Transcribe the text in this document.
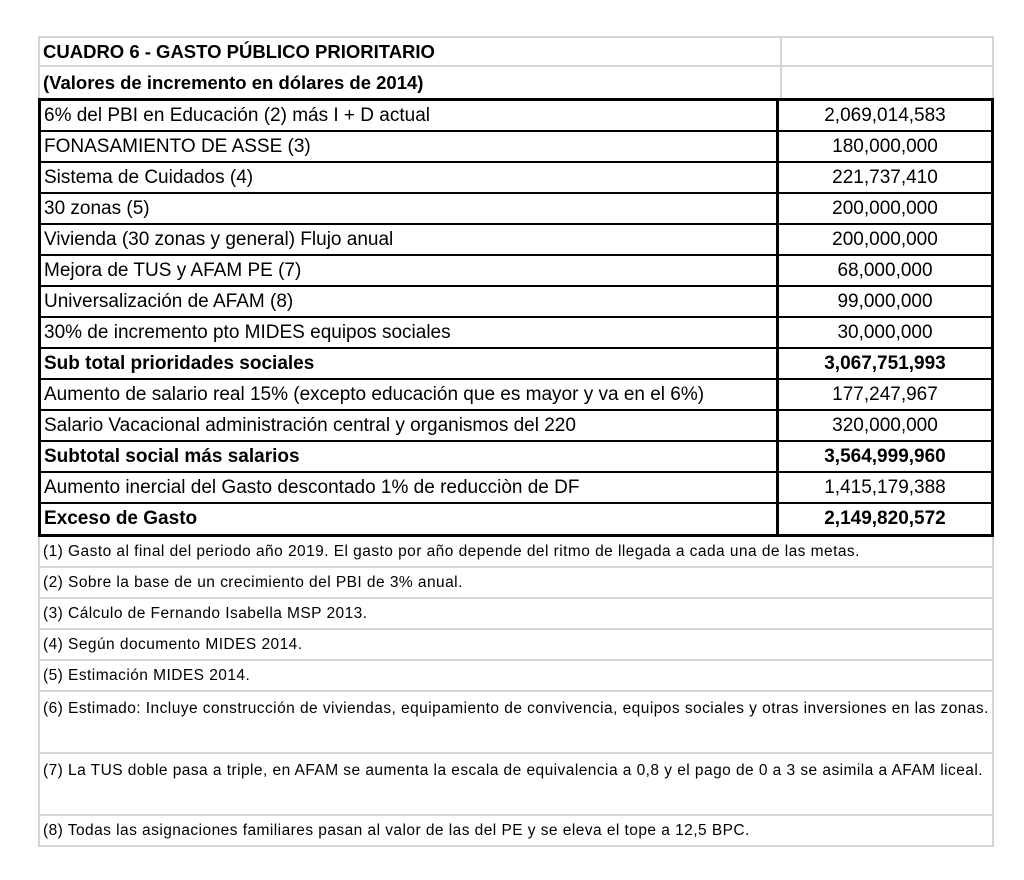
CUADRO 6 - GASTO PÚBLICO PRIORITARIO
(Valores de incremento en dólares de 2014)
6% del PBI en Educación (2) más I + D actual	2,069,014,583
FONASAMIENTO DE ASSE (3)	180,000,000
Sistema de Cuidados (4)	221,737,410
30 zonas (5)	200,000,000
Vivienda (30 zonas y general) Flujo anual	200,000,000
Mejora de TUS y AFAM PE (7)	68,000,000
Universalización de AFAM (8)	99,000,000
30% de incremento pto MIDES equipos sociales	30,000,000
Sub total prioridades sociales	3,067,751,993
Aumento de salario real 15% (excepto educación que es mayor y va en el 6%)	177,247,967
Salario Vacacional administración central y organismos del 220	320,000,000
Subtotal social más salarios	3,564,999,960
Aumento inercial del Gasto descontado 1% de reducciòn de DF	1,415,179,388
Exceso de Gasto	2,149,820,572
(1) Gasto al final del periodo año 2019. El gasto por año depende del ritmo de llegada a cada una de las metas.
(2) Sobre la base de un crecimiento del PBI de 3% anual.
(3) Cálculo de Fernando Isabella MSP 2013.
(4) Según documento MIDES 2014.
(5) Estimación MIDES 2014.
(6) Estimado: Incluye construcción de viviendas, equipamiento de convivencia, equipos sociales y otras inversiones en las zonas.
(7) La TUS doble pasa a triple, en AFAM se aumenta la escala de equivalencia a 0,8 y el pago de 0 a 3 se asimila a AFAM liceal.
(8) Todas las asignaciones familiares pasan al valor de las del PE y se eleva el tope a 12,5 BPC.
